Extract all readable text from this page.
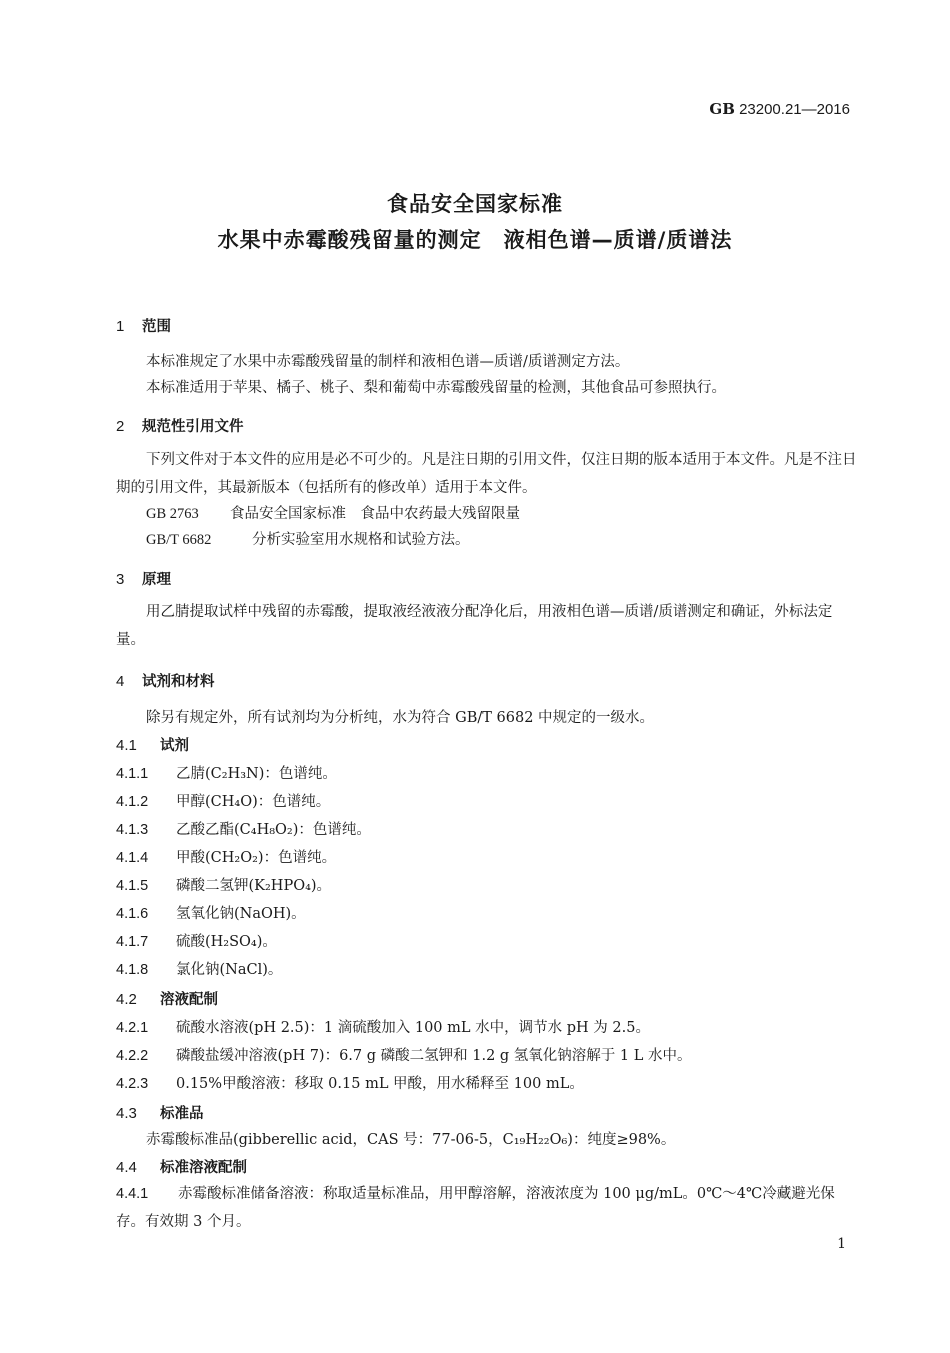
GB 23200.21—2016
食品安全国家标准
水果中赤霉酸残留量的测定　液相色谱—质谱/质谱法
1 范围
本标准规定了水果中赤霉酸残留量的制样和液相色谱—质谱/质谱测定方法。
本标准适用于苹果、橘子、桃子、梨和葡萄中赤霉酸残留量的检测，其他食品可参照执行。
2 规范性引用文件
下列文件对于本文件的应用是必不可少的。凡是注日期的引用文件，仅注日期的版本适用于本文件。凡是不注日期的引用文件，其最新版本（包括所有的修改单）适用于本文件。
GB 2763 食品安全国家标准　食品中农药最大残留限量
GB/T 6682	分析实验室用水规格和试验方法。
3 原理
用乙腈提取试样中残留的赤霉酸，提取液经液液分配净化后，用液相色谱—质谱/质谱测定和确证，外标法定量。
4 试剂和材料
除另有规定外，所有试剂均为分析纯，水为符合 GB/T 6682 中规定的一级水。
4.1 试剂
4.1.1 乙腈(C₂H₃N)：色谱纯。
4.1.2 甲醇(CH₄O)：色谱纯。
4.1.3 乙酸乙酯(C₄H₈O₂)：色谱纯。
4.1.4 甲酸(CH₂O₂)：色谱纯。
4.1.5 磷酸二氢钾(K₂HPO₄)。
4.1.6 氢氧化钠(NaOH)。
4.1.7 硫酸(H₂SO₄)。
4.1.8 氯化钠(NaCl)。
4.2 溶液配制
4.2.1 硫酸水溶液(pH 2.5)：1 滴硫酸加入 100 mL 水中，调节水 pH 为 2.5。
4.2.2 磷酸盐缓冲溶液(pH 7)：6.7 g 磷酸二氢钾和 1.2 g 氢氧化钠溶解于 1 L 水中。
4.2.3 0.15%甲酸溶液：移取 0.15 mL 甲酸，用水稀释至 100 mL。
4.3 标准品
赤霉酸标准品(gibberellic acid，CAS 号：77-06-5，C₁₉H₂₂O₆)：纯度≥98%。
4.4 标准溶液配制
4.4.1 赤霉酸标准储备溶液：称取适量标准品，用甲醇溶解，溶液浓度为 100 μg/mL。0℃～4℃冷藏避光保存。有效期 3 个月。
1
